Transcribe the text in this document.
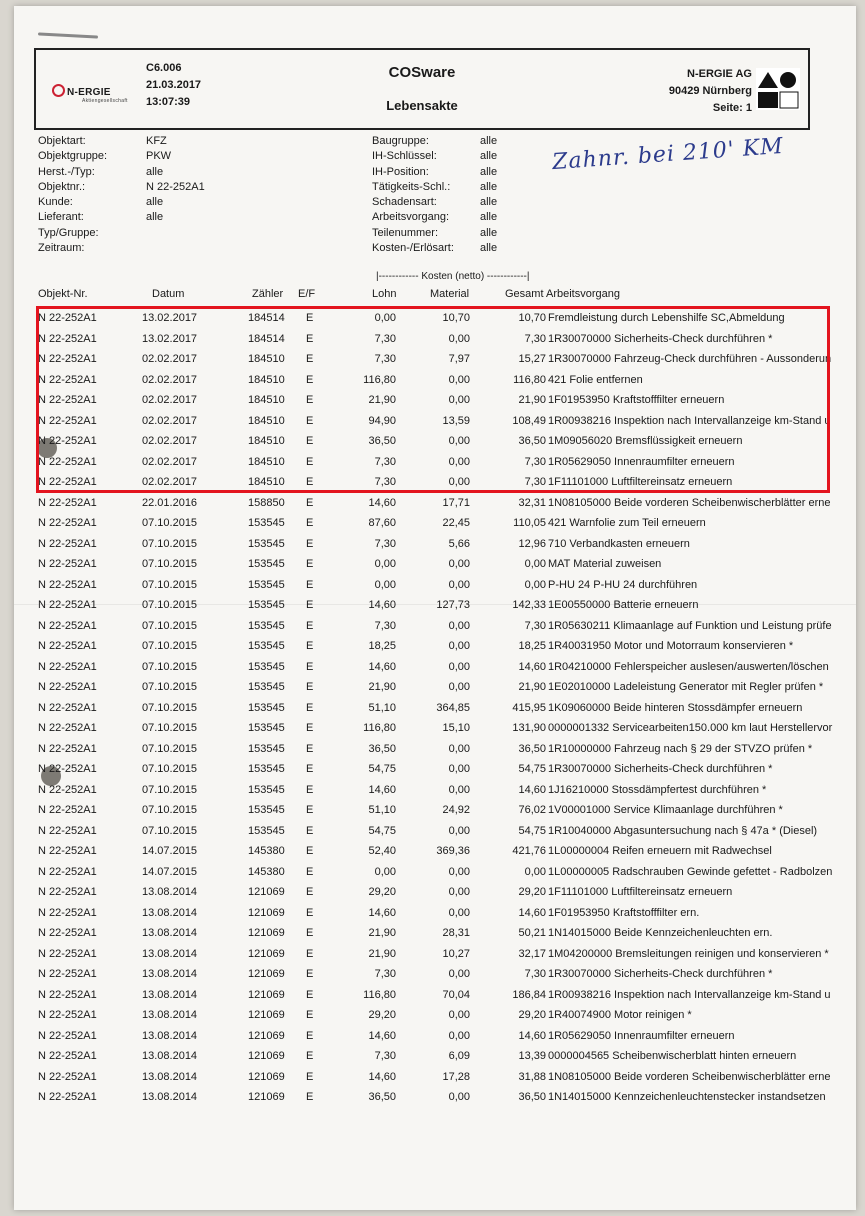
N-ERGIE
Aktiengesellschaft
C6.006
21.03.2017
13:07:39
COSware
Lebensakte
N-ERGIE AG
90429 Nürnberg
Seite: 1
Objektart:	KFZ
Objektgruppe:	PKW
Herst.-/Typ:	alle
Objektnr.:	N 22-252A1
Kunde:	alle
Lieferant:	alle
Typ/Gruppe:
Zeitraum:
Baugruppe:	alle
IH-Schlüssel:	alle
IH-Position:	alle
Tätigkeits-Schl.:	alle
Schadensart:	alle
Arbeitsvorgang:	alle
Teilenummer:	alle
Kosten-/Erlösart:	alle
Zahnr. bei 210' KM
|------------ Kosten (netto) ------------|
Objekt-Nr.	Datum	Zähler E/F	Lohn	Material	Gesamt Arbeitsvorgang
N 22-252A1	13.02.2017	184514 E	0,00	10,70	10,70 Fremdleistung durch Lebenshilfe SC,Abmeldung
N 22-252A1	13.02.2017	184514 E	7,30	0,00	7,30 1R30070000 Sicherheits-Check durchführen *
N 22-252A1	02.02.2017	184510 E	7,30	7,97	15,27 1R30070000 Fahrzeug-Check durchführen - Aussonderun
N 22-252A1	02.02.2017	184510 E	116,80	0,00	116,80 421 Folie entfernen
N 22-252A1	02.02.2017	184510 E	21,90	0,00	21,90 1F01953950 Kraftstofffilter erneuern
N 22-252A1	02.02.2017	184510 E	94,90	13,59	108,49 1R00938216 Inspektion nach Intervallanzeige km-Stand u
N 22-252A1	02.02.2017	184510 E	36,50	0,00	36,50 1M09056020 Bremsflüssigkeit erneuern
N 22-252A1	02.02.2017	184510 E	7,30	0,00	7,30 1R05629050 Innenraumfilter erneuern
N 22-252A1	02.02.2017	184510 E	7,30	0,00	7,30 1F11101000 Luftfiltereinsatz erneuern
N 22-252A1	22.01.2016	158850 E	14,60	17,71	32,31 1N08105000 Beide vorderen Scheibenwischerblätter erne
N 22-252A1	07.10.2015	153545 E	87,60	22,45	110,05 421 Warnfolie zum Teil erneuern
N 22-252A1	07.10.2015	153545 E	7,30	5,66	12,96 710 Verbandkasten erneuern
N 22-252A1	07.10.2015	153545 E	0,00	0,00	0,00 MAT Material zuweisen
N 22-252A1	07.10.2015	153545 E	0,00	0,00	0,00 P-HU 24 P-HU 24 durchführen
N 22-252A1	07.10.2015	153545 E	14,60	127,73	142,33 1E00550000 Batterie erneuern
N 22-252A1	07.10.2015	153545 E	7,30	0,00	7,30 1R05630211 Klimaanlage auf Funktion und Leistung prüfe
N 22-252A1	07.10.2015	153545 E	18,25	0,00	18,25 1R40031950 Motor und Motorraum konservieren *
N 22-252A1	07.10.2015	153545 E	14,60	0,00	14,60 1R04210000 Fehlerspeicher auslesen/auswerten/löschen
N 22-252A1	07.10.2015	153545 E	21,90	0,00	21,90 1E02010000 Ladeleistung Generator mit Regler prüfen *
N 22-252A1	07.10.2015	153545 E	51,10	364,85	415,95 1K09060000 Beide hinteren Stossdämpfer erneuern
N 22-252A1	07.10.2015	153545 E	116,80	15,10	131,90 0000001332 Servicearbeiten150.000 km laut Herstellervor
N 22-252A1	07.10.2015	153545 E	36,50	0,00	36,50 1R10000000 Fahrzeug nach § 29 der STVZO prüfen *
N 22-252A1	07.10.2015	153545 E	54,75	0,00	54,75 1R30070000 Sicherheits-Check durchführen *
N 22-252A1	07.10.2015	153545 E	14,60	0,00	14,60 1J16210000 Stossdämpfertest durchführen *
N 22-252A1	07.10.2015	153545 E	51,10	24,92	76,02 1V00001000 Service Klimaanlage durchführen *
N 22-252A1	07.10.2015	153545 E	54,75	0,00	54,75 1R10040000 Abgasuntersuchung nach § 47a * (Diesel)
N 22-252A1	14.07.2015	145380 E	52,40	369,36	421,76 1L00000004 Reifen erneuern mit Radwechsel
N 22-252A1	14.07.2015	145380 E	0,00	0,00	0,00 1L00000005 Radschrauben Gewinde gefettet - Radbolzen
N 22-252A1	13.08.2014	121069 E	29,20	0,00	29,20 1F11101000 Luftfiltereinsatz erneuern
N 22-252A1	13.08.2014	121069 E	14,60	0,00	14,60 1F01953950 Kraftstofffilter ern.
N 22-252A1	13.08.2014	121069 E	21,90	28,31	50,21 1N14015000 Beide Kennzeichenleuchten ern.
N 22-252A1	13.08.2014	121069 E	21,90	10,27	32,17 1M04200000 Bremsleitungen reinigen und konservieren *
N 22-252A1	13.08.2014	121069 E	7,30	0,00	7,30 1R30070000 Sicherheits-Check durchführen *
N 22-252A1	13.08.2014	121069 E	116,80	70,04	186,84 1R00938216 Inspektion nach Intervallanzeige km-Stand u
N 22-252A1	13.08.2014	121069 E	29,20	0,00	29,20 1R40074900 Motor reinigen *
N 22-252A1	13.08.2014	121069 E	14,60	0,00	14,60 1R05629050 Innenraumfilter erneuern
N 22-252A1	13.08.2014	121069 E	7,30	6,09	13,39 0000004565 Scheibenwischerblatt hinten erneuern
N 22-252A1	13.08.2014	121069 E	14,60	17,28	31,88 1N08105000 Beide vorderen Scheibenwischerblätter erne
N 22-252A1	13.08.2014	121069 E	36,50	0,00	36,50 1N14015000 Kennzeichenleuchtenstecker instandsetzen
